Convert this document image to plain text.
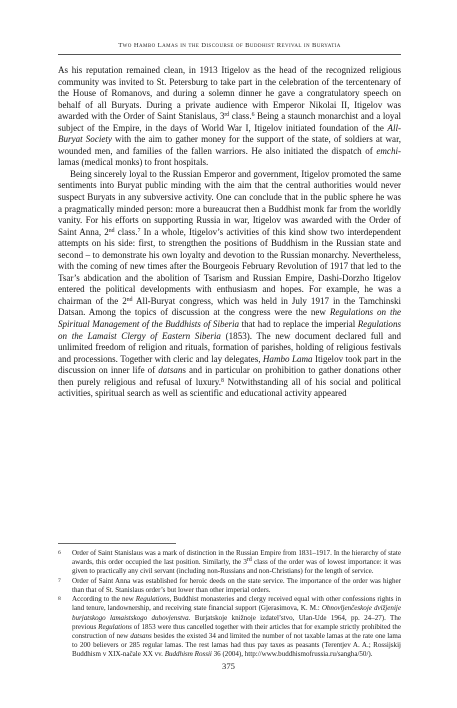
Two Hambo Lamas in the Discourse of Buddhist Revival in Buryatia

As his reputation remained clean, in 1913 Itigelov as the head of the recognized religious community was invited to St. Petersburg to take part in the celebration of the tercentenary of the House of Romanovs, and during a solemn dinner he gave a congratulatory speech on behalf of all Buryats. During a private audience with Emperor Nikolai II, Itigelov was awarded with the Order of Saint Stanislaus, 3rd class.$^6$ Being a staunch monarchist and a loyal subject of the Empire, in the days of World War I, Itigelov initiated foundation of the All-Buryat Society with the aim to gather money for the support of the state, of soldiers at war, wounded men, and families of the fallen warriors. He also initiated the dispatch of emchi-lamas (medical monks) to front hospitals.

Being sincerely loyal to the Russian Emperor and government, Itigelov promoted the same sentiments into Buryat public minding with the aim that the central authorities would never suspect Buryats in any subversive activity. One can conclude that in the public sphere he was a pragmatically minded person: more a bureaucrat then a Buddhist monk far from the worldly vanity. For his efforts on supporting Russia in war, Itigelov was awarded with the Order of Saint Anna, 2nd class.$^7$ In a whole, Itigelov’s activities of this kind show two interdependent attempts on his side: first, to strengthen the positions of Buddhism in the Russian state and second – to demonstrate his own loyalty and devotion to the Russian monarchy. Nevertheless, with the coming of new times after the Bourgeois February Revolution of 1917 that led to the Tsar’s abdication and the abolition of Tsarism and Russian Empire, Dashi-Dorzho Itigelov entered the political developments with enthusiasm and hopes. For example, he was a chairman of the 2nd All-Buryat congress, which was held in July 1917 in the Tamchinski Datsan. Among the topics of discussion at the congress were the new Regulations on the Spiritual Management of the Buddhists of Siberia that had to replace the imperial Regulations on the Lamaist Clergy of Eastern Siberia (1853). The new document declared full and unlimited freedom of religion and rituals, formation of parishes, holding of religious festivals and processions. Together with cleric and lay delegates, Hambo Lama Itigelov took part in the discussion on inner life of datsans and in particular on prohibition to gather donations other then purely religious and refusal of luxury.$^8$ Notwithstanding all of his social and political activities, spiritual search as well as scientific and educational activity appeared

6	Order of Saint Stanislaus was a mark of distinction in the Russian Empire from 1831–1917. In the hierarchy of state awards, this order occupied the last position. Similarly, the 3rd class of the order was of lowest importance: it was given to practically any civil servant (including non-Russians and non-Christians) for the length of service.
7	Order of Saint Anna was established for heroic deeds on the state service. The importance of the order was higher than that of St. Stanislaus order’s but lower than other imperial orders.
8	According to the new Regulations, Buddhist monasteries and clergy received equal with other confessions rights in land tenure, landownership, and receiving state financial support (Gjerasimova, K. M.: Obnovljenčeskoje dvižjenije burjatskogo lamaistskogo duhovjenstva. Burjatskoje knižnoje izdatel’stvo, Ulan-Ude 1964, pp. 24–27). The previous Regulations of 1853 were thus cancelled together with their articles that for example strictly prohibited the construction of new datsans besides the existed 34 and limited the number of not taxable lamas at the rate one lama to 200 believers or 285 regular lamas. The rest lamas had thus pay taxes as peasants (Terentjev A. A.; Rossijskij Buddhism v XIX-načale XX vv. Buddhism Rossii 36 (2004), http://www.buddhismofrussia.ru/sangha/50/).
375
